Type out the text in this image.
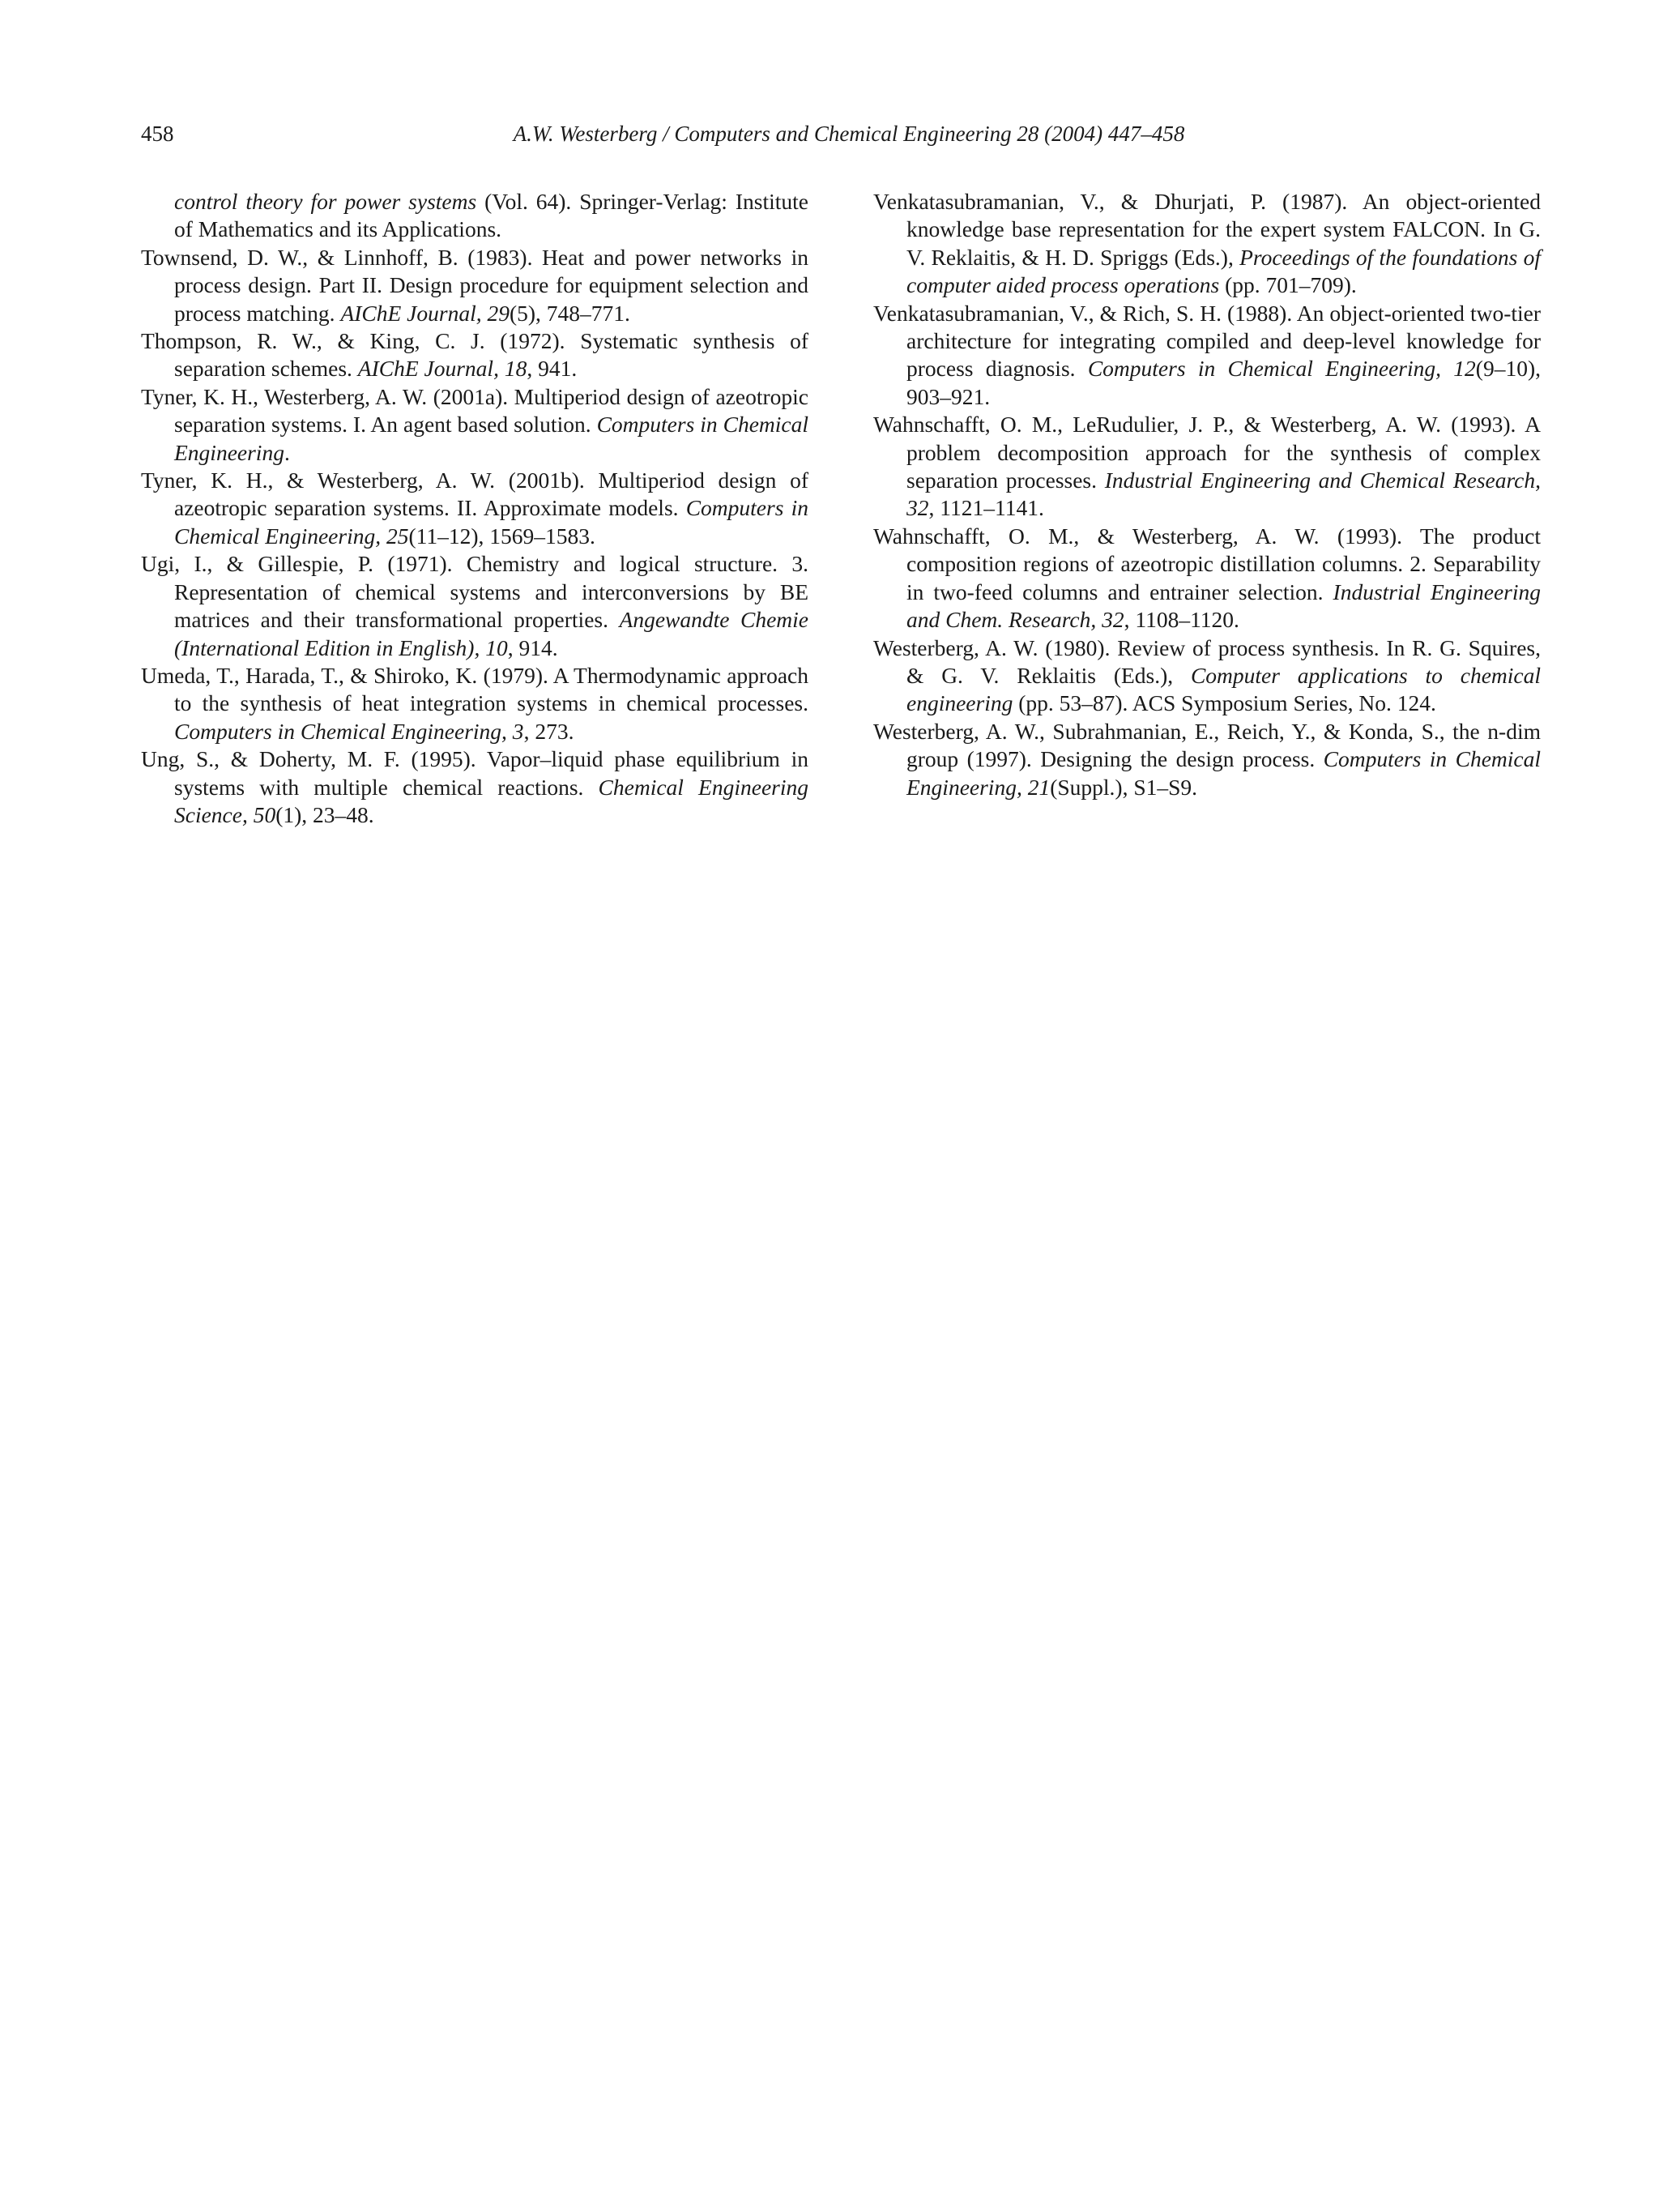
458	A.W. Westerberg / Computers and Chemical Engineering 28 (2004) 447–458

control theory for power systems (Vol. 64). Springer-Verlag: Institute of Mathematics and its Applications.

Townsend, D. W., & Linnhoff, B. (1983). Heat and power networks in process design. Part II. Design procedure for equipment selection and process matching. AIChE Journal, 29(5), 748–771.

Thompson, R. W., & King, C. J. (1972). Systematic synthesis of separation schemes. AIChE Journal, 18, 941.

Tyner, K. H., Westerberg, A. W. (2001a). Multiperiod design of azeotropic separation systems. I. An agent based solution. Computers in Chemical Engineering.

Tyner, K. H., & Westerberg, A. W. (2001b). Multiperiod design of azeotropic separation systems. II. Approximate models. Computers in Chemical Engineering, 25(11–12), 1569–1583.

Ugi, I., & Gillespie, P. (1971). Chemistry and logical structure. 3. Representation of chemical systems and interconversions by BE matrices and their transformational properties. Angewandte Chemie (International Edition in English), 10, 914.

Umeda, T., Harada, T., & Shiroko, K. (1979). A Thermodynamic approach to the synthesis of heat integration systems in chemical processes. Computers in Chemical Engineering, 3, 273.

Ung, S., & Doherty, M. F. (1995). Vapor–liquid phase equilibrium in systems with multiple chemical reactions. Chemical Engineering Science, 50(1), 23–48.

Venkatasubramanian, V., & Dhurjati, P. (1987). An object-oriented knowledge base representation for the expert system FALCON. In G. V. Reklaitis, & H. D. Spriggs (Eds.), Proceedings of the foundations of computer aided process operations (pp. 701–709).

Venkatasubramanian, V., & Rich, S. H. (1988). An object-oriented two-tier architecture for integrating compiled and deep-level knowledge for process diagnosis. Computers in Chemical Engineering, 12(9–10), 903–921.

Wahnschafft, O. M., LeRudulier, J. P., & Westerberg, A. W. (1993). A problem decomposition approach for the synthesis of complex separation processes. Industrial Engineering and Chemical Research, 32, 1121–1141.

Wahnschafft, O. M., & Westerberg, A. W. (1993). The product composition regions of azeotropic distillation columns. 2. Separability in two-feed columns and entrainer selection. Industrial Engineering and Chem. Research, 32, 1108–1120.

Westerberg, A. W. (1980). Review of process synthesis. In R. G. Squires, & G. V. Reklaitis (Eds.), Computer applications to chemical engineering (pp. 53–87). ACS Symposium Series, No. 124.

Westerberg, A. W., Subrahmanian, E., Reich, Y., & Konda, S., the n-dim group (1997). Designing the design process. Computers in Chemical Engineering, 21(Suppl.), S1–S9.
